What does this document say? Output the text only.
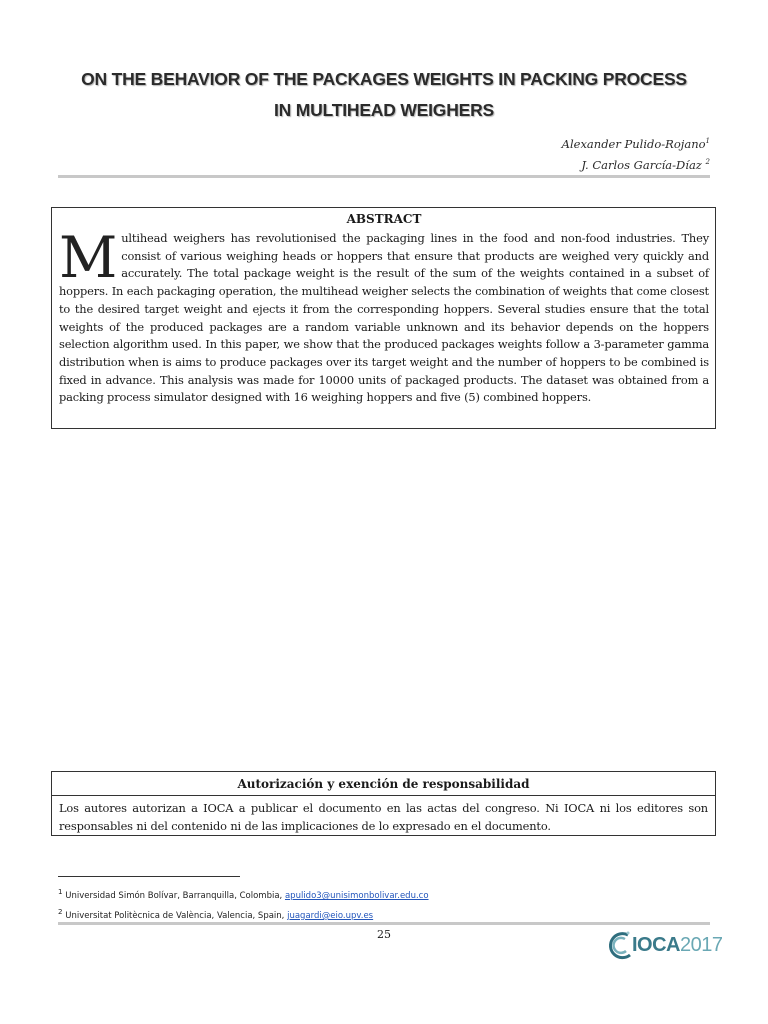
ON THE BEHAVIOR OF THE PACKAGES WEIGHTS IN PACKING PROCESS
IN MULTIHEAD WEIGHERS
Alexander Pulido-Rojano$^1$
J. Carlos García-Díaz $^2$
ABSTRACT
Multihead weighers has revolutionised the packaging lines in the food and non-food industries. They consist of various weighing heads or hoppers that ensure that products are weighed very quickly and accurately. The total package weight is the result of the sum of the weights contained in a subset of hoppers. In each packaging operation, the multihead weigher selects the combination of weights that come closest to the desired target weight and ejects it from the corresponding hoppers. Several studies ensure that the total weights of the produced packages are a random variable unknown and its behavior depends on the hoppers selection algorithm used. In this paper, we show that the produced packages weights follow a 3-parameter gamma distribution when is aims to produce packages over its target weight and the number of hoppers to be combined is fixed in advance. This analysis was made for 10000 units of packaged products. The dataset was obtained from a packing process simulator designed with 16 weighing hoppers and five (5) combined hoppers.
Autorización y exención de responsabilidad
Los autores autorizan a IOCA a publicar el documento en las actas del congreso. Ni IOCA ni los editores son responsables ni del contenido ni de las implicaciones de lo expresado en el documento.
$^1$ Universidad Simón Bolívar, Barranquilla, Colombia, apulido3@unisimonbolivar.edu.co
$^2$ Universitat Politècnica de València, Valencia, Spain, juagardi@eio.upv.es
25	IOCA2017
